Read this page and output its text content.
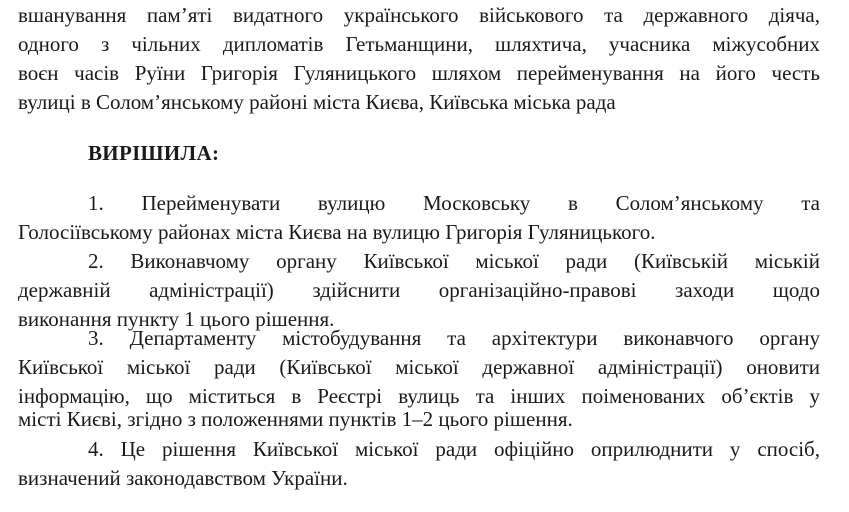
вшанування пам’яті видатного українського військового та державного діяча,
одного з чільних дипломатів Гетьманщини, шляхтича, учасника міжусобних
воєн часів Руїни Григорія Гуляницького шляхом перейменування на його честь
вулиці в Солом’янському районі міста Києва, Київська міська рада
ВИРІШИЛА:
1. Перейменувати вулицю Московську в Солом’янському та
Голосіївському районах міста Києва на вулицю Григорія Гуляницького.
2. Виконавчому органу Київської міської ради (Київській міській
державній адміністрації) здійснити організаційно-правові заходи щодо
виконання пункту 1 цього рішення.
3. Департаменту містобудування та архітектури виконавчого органу
Київської міської ради (Київської міської державної адміністрації) оновити
інформацію, що міститься в Реєстрі вулиць та інших поіменованих об’єктів у
місті Києві, згідно з положеннями пунктів 1–2 цього рішення.
4. Це рішення Київської міської ради офіційно оприлюднити у спосіб,
визначений законодавством України.
